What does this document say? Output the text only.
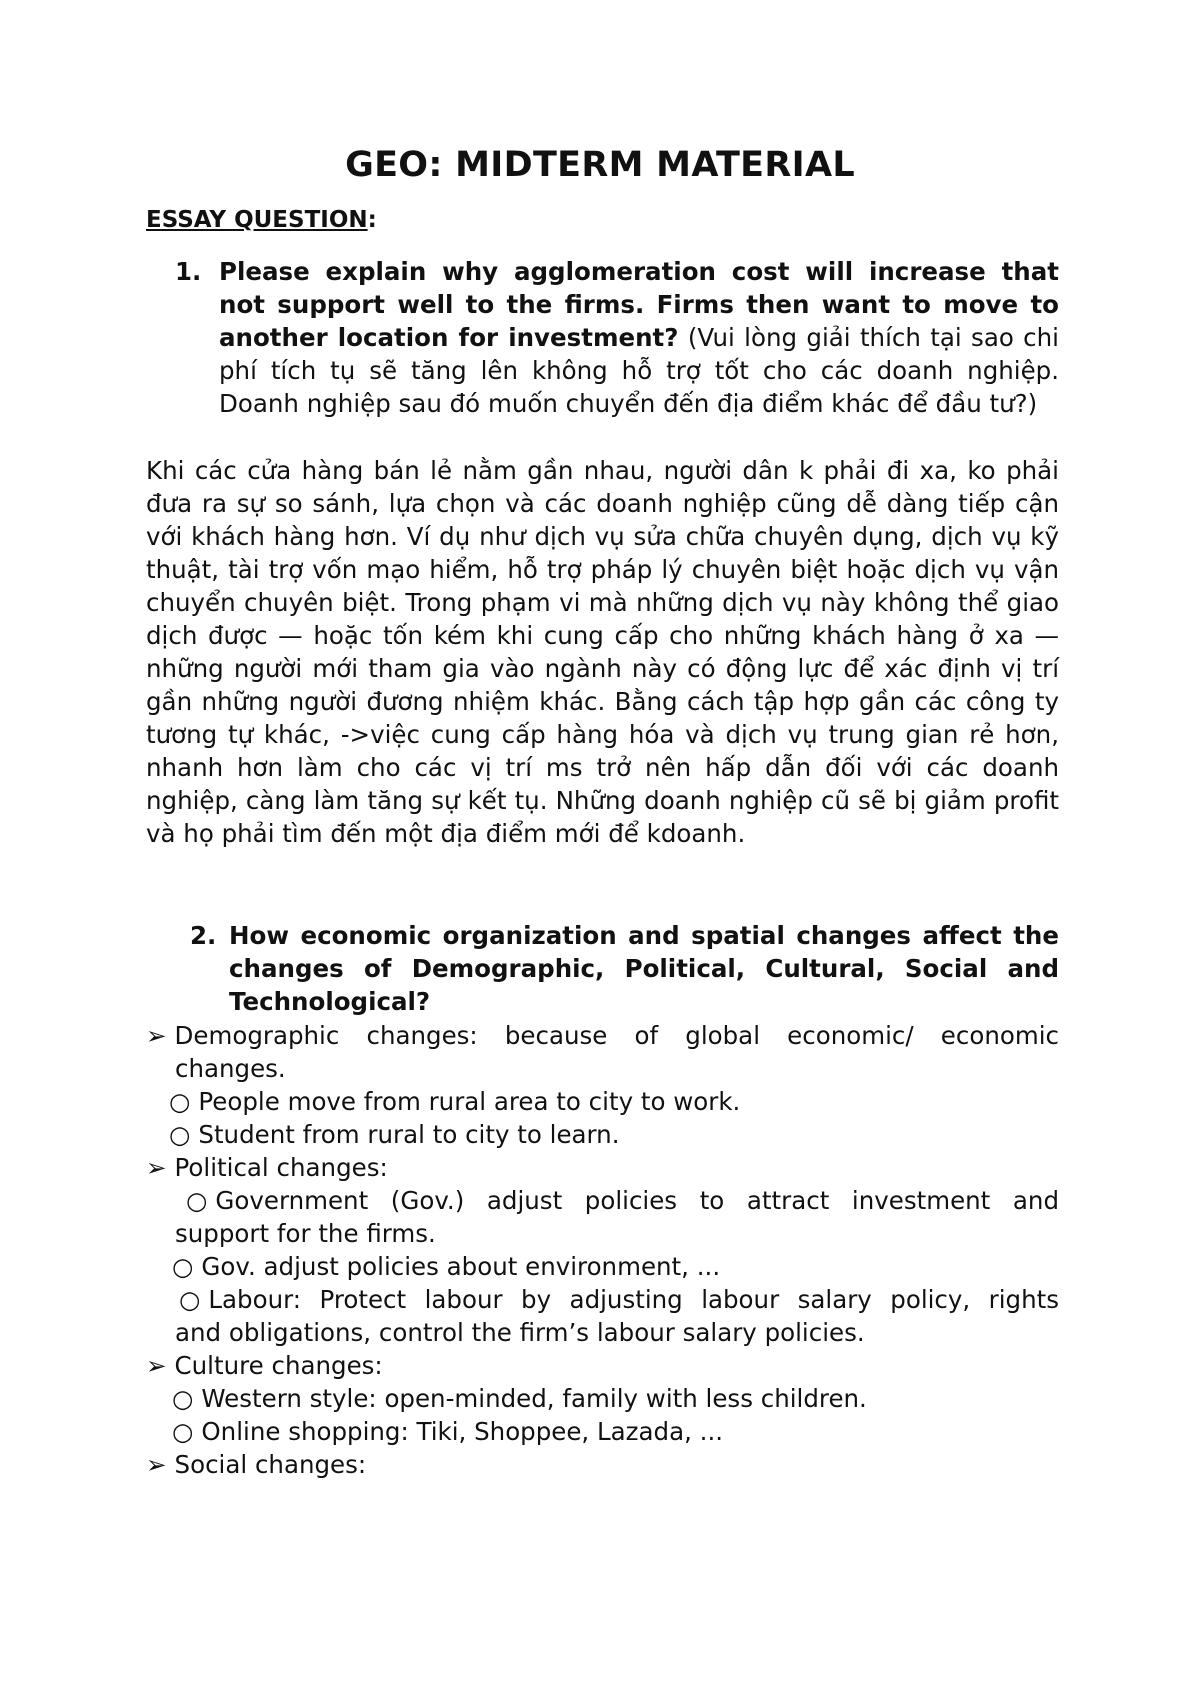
GEO: MIDTERM MATERIAL
ESSAY QUESTION:
1. Please explain why agglomeration cost will increase that not support well to the firms. Firms then want to move to another location for investment? (Vui lòng giải thích tại sao chi phí tích tụ sẽ tăng lên không hỗ trợ tốt cho các doanh nghiệp. Doanh nghiệp sau đó muốn chuyển đến địa điểm khác để đầu tư?)
Khi các cửa hàng bán lẻ nằm gần nhau, người dân k phải đi xa, ko phải đưa ra sự so sánh, lựa chọn và các doanh nghiệp cũng dễ dàng tiếp cận với khách hàng hơn. Ví dụ như dịch vụ sửa chữa chuyên dụng, dịch vụ kỹ thuật, tài trợ vốn mạo hiểm, hỗ trợ pháp lý chuyên biệt hoặc dịch vụ vận chuyển chuyên biệt. Trong phạm vi mà những dịch vụ này không thể giao dịch được — hoặc tốn kém khi cung cấp cho những khách hàng ở xa — những người mới tham gia vào ngành này có động lực để xác định vị trí gần những người đương nhiệm khác. Bằng cách tập hợp gần các công ty tương tự khác, ->việc cung cấp hàng hóa và dịch vụ trung gian rẻ hơn, nhanh hơn làm cho các vị trí ms trở nên hấp dẫn đối với các doanh nghiệp, càng làm tăng sự kết tụ. Những doanh nghiệp cũ sẽ bị giảm profit và họ phải tìm đến một địa điểm mới để kdoanh.
2. How economic organization and spatial changes affect the changes of Demographic, Political, Cultural, Social and Technological?
➢ Demographic changes: because of global economic/ economic
changes.
○ People move from rural area to city to work.
○ Student from rural to city to learn.
➢ Political changes:
○ Government (Gov.) adjust policies to attract investment and
support for the firms.
○ Gov. adjust policies about environment, ...
○ Labour: Protect labour by adjusting labour salary policy, rights
and obligations, control the firm’s labour salary policies.
➢ Culture changes:
○ Western style: open-minded, family with less children.
○ Online shopping: Tiki, Shoppee, Lazada, ...
➢ Social changes:
